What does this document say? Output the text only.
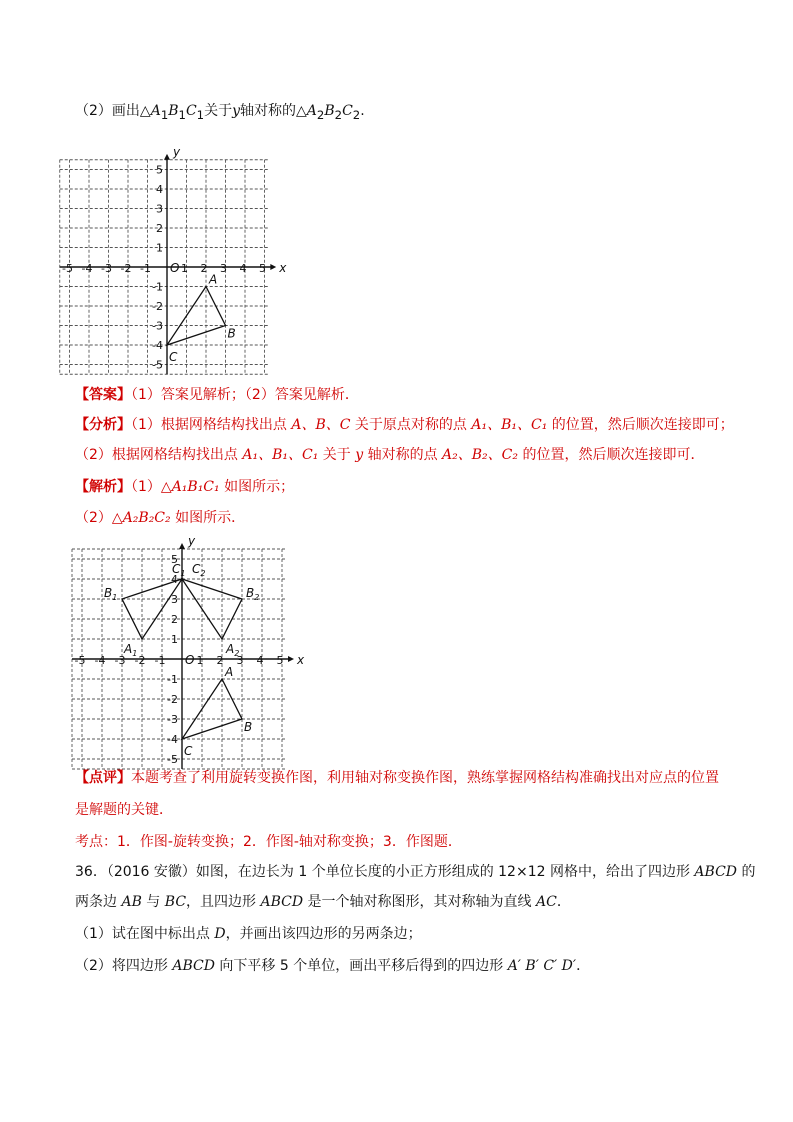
（2）画出$\triangle A_1B_1C_1$关于y轴对称的$\triangle A_2B_2C_2$.
-5 -4 -3 -2 -1	1 2 3 4 5
5
4
3
2
1
-1
-2
-3
-4
-5
O	x
y
A
B
C
-5 -4 -3 -2 -1	1 2 3 4 5
5
4
3
2
1
-1
-2
-3
-4
-5
O	x
y
A
B
C
$A_1$
$B_1$
$C_1$
$A_2$
$B_2$
$C_2$
【答案】（1）答案见解析；（2）答案见解析．
【分析】（1）根据网格结构找出点 A、B、C 关于原点对称的点 A₁、B₁、C₁ 的位置，然后顺次连接即可；
（2）根据网格结构找出点 A₁、B₁、C₁ 关于 y 轴对称的点 A₂、B₂、C₂ 的位置，然后顺次连接即可．
【解析】（1）△A₁B₁C₁ 如图所示；
（2）△A₂B₂C₂ 如图所示．
【点评】本题考查了利用旋转变换作图，利用轴对称变换作图，熟练掌握网格结构准确找出对应点的位置
是解题的关键．
考点：1．作图-旋转变换；2．作图-轴对称变换；3．作图题．
36．（2016 安徽）如图，在边长为 1 个单位长度的小正方形组成的 12×12 网格中，给出了四边形 ABCD 的
两条边 AB 与 BC，且四边形 ABCD 是一个轴对称图形，其对称轴为直线 AC．
（1）试在图中标出点 D，并画出该四边形的另两条边；
（2）将四边形 ABCD 向下平移 5 个单位，画出平移后得到的四边形 A′ B′ C′ D′．
